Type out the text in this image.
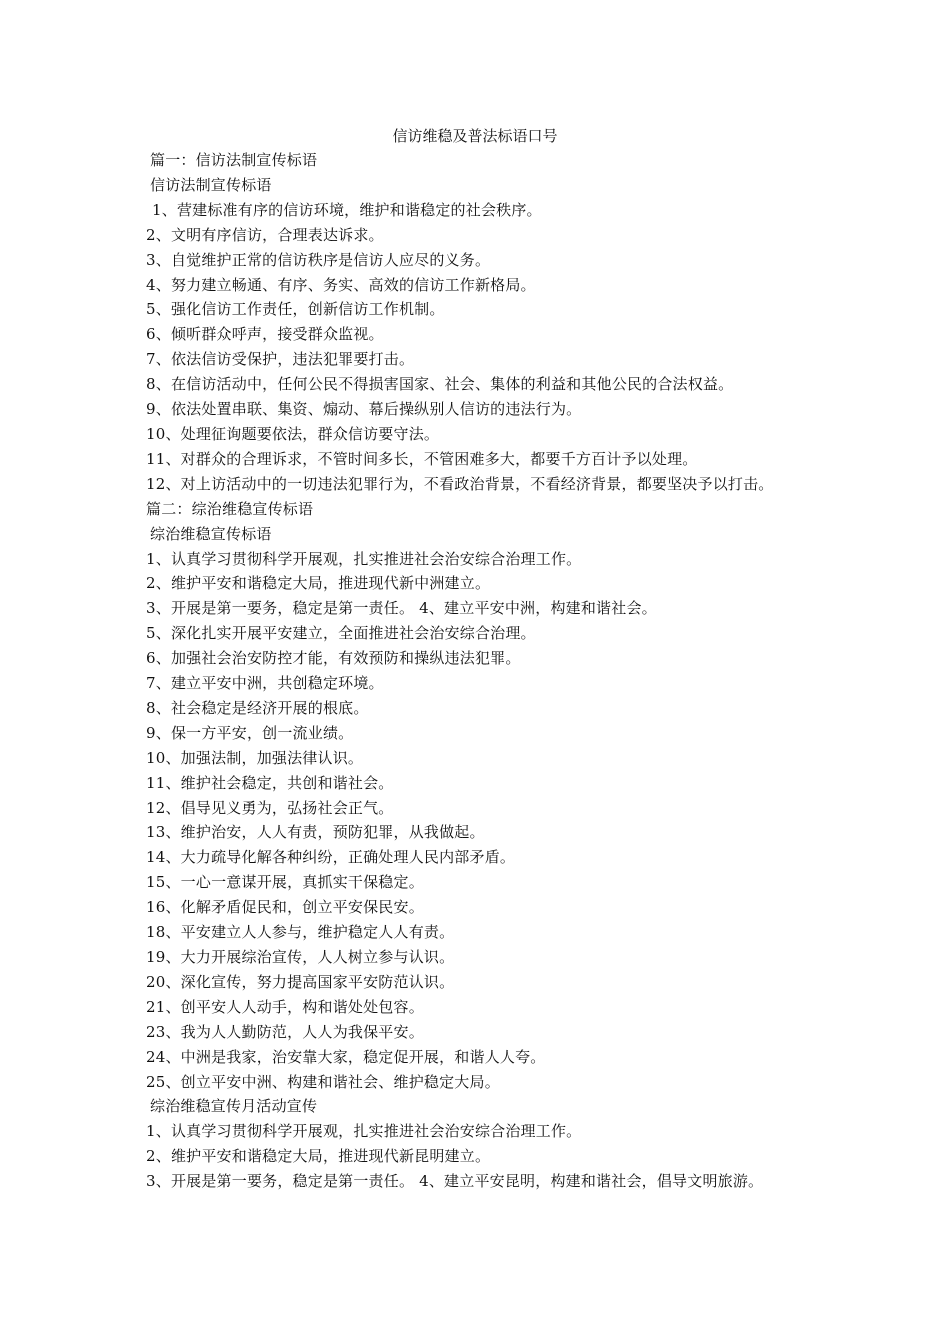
信访维稳及普法标语口号
篇一：信访法制宣传标语
信访法制宣传标语
1、营建标准有序的信访环境，维护和谐稳定的社会秩序。
2、文明有序信访，合理表达诉求。
3、自觉维护正常的信访秩序是信访人应尽的义务。
4、努力建立畅通、有序、务实、高效的信访工作新格局。
5、强化信访工作责任，创新信访工作机制。
6、倾听群众呼声，接受群众监视。
7、依法信访受保护，违法犯罪要打击。
8、在信访活动中，任何公民不得损害国家、社会、集体的利益和其他公民的合法权益。
9、依法处置串联、集资、煽动、幕后操纵别人信访的违法行为。
10、处理征询题要依法，群众信访要守法。
11、对群众的合理诉求，不管时间多长，不管困难多大，都要千方百计予以处理。
12、对上访活动中的一切违法犯罪行为，不看政治背景，不看经济背景，都要坚决予以打击。
篇二：综治维稳宣传标语
综治维稳宣传标语
1、认真学习贯彻科学开展观，扎实推进社会治安综合治理工作。
2、维护平安和谐稳定大局，推进现代新中洲建立。
3、开展是第一要务，稳定是第一责任。 4、建立平安中洲，构建和谐社会。
5、深化扎实开展平安建立，全面推进社会治安综合治理。
6、加强社会治安防控才能，有效预防和操纵违法犯罪。
7、建立平安中洲，共创稳定环境。
8、社会稳定是经济开展的根底。
9、保一方平安，创一流业绩。
10、加强法制，加强法律认识。
11、维护社会稳定，共创和谐社会。
12、倡导见义勇为，弘扬社会正气。
13、维护治安，人人有责，预防犯罪，从我做起。
14、大力疏导化解各种纠纷，正确处理人民内部矛盾。
15、一心一意谋开展，真抓实干保稳定。
16、化解矛盾促民和，创立平安保民安。
18、平安建立人人参与，维护稳定人人有责。
19、大力开展综治宣传，人人树立参与认识。
20、深化宣传，努力提高国家平安防范认识。
21、创平安人人动手，构和谐处处包容。
23、我为人人勤防范，人人为我保平安。
24、中洲是我家，治安靠大家，稳定促开展，和谐人人夸。
25、创立平安中洲、构建和谐社会、维护稳定大局。
综治维稳宣传月活动宣传
1、认真学习贯彻科学开展观，扎实推进社会治安综合治理工作。
2、维护平安和谐稳定大局，推进现代新昆明建立。
3、开展是第一要务，稳定是第一责任。 4、建立平安昆明，构建和谐社会，倡导文明旅游。
